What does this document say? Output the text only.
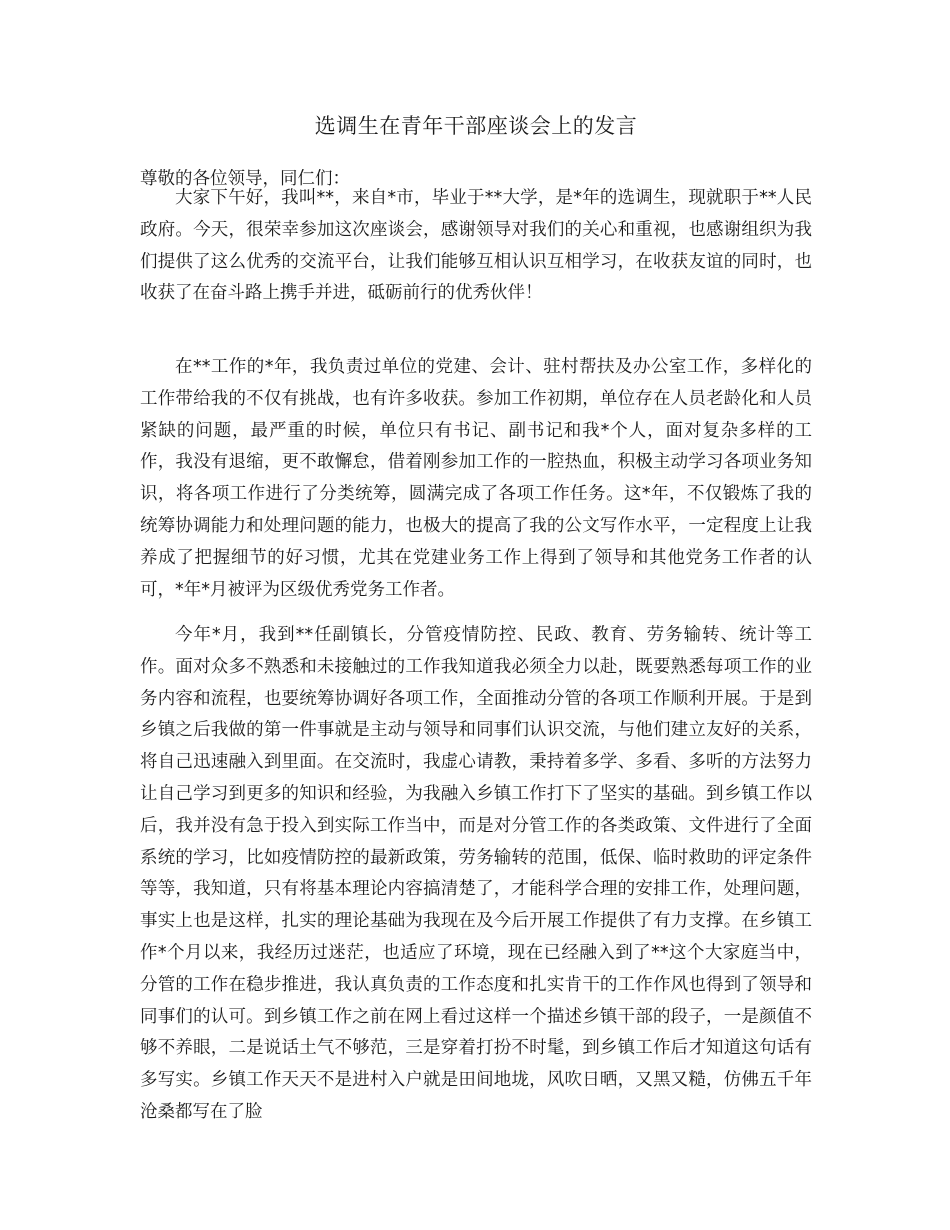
选调生在青年干部座谈会上的发言
尊敬的各位领导，同仁们：

大家下午好，我叫**，来自*市，毕业于**大学，是*年的选调生，现就职于**人民政府。今天，很荣幸参加这次座谈会，感谢领导对我们的关心和重视，也感谢组织为我们提供了这么优秀的交流平台，让我们能够互相认识互相学习，在收获友谊的同时，也收获了在奋斗路上携手并进，砥砺前行的优秀伙伴！

在**工作的*年，我负责过单位的党建、会计、驻村帮扶及办公室工作，多样化的工作带给我的不仅有挑战，也有许多收获。参加工作初期，单位存在人员老龄化和人员紧缺的问题，最严重的时候，单位只有书记、副书记和我*个人，面对复杂多样的工作，我没有退缩，更不敢懈怠，借着刚参加工作的一腔热血，积极主动学习各项业务知识，将各项工作进行了分类统筹，圆满完成了各项工作任务。这*年，不仅锻炼了我的统筹协调能力和处理问题的能力，也极大的提高了我的公文写作水平，一定程度上让我养成了把握细节的好习惯，尤其在党建业务工作上得到了领导和其他党务工作者的认可，*年*月被评为区级优秀党务工作者。

今年*月，我到**任副镇长，分管疫情防控、民政、教育、劳务输转、统计等工作。面对众多不熟悉和未接触过的工作我知道我必须全力以赴，既要熟悉每项工作的业务内容和流程，也要统筹协调好各项工作，全面推动分管的各项工作顺利开展。于是到乡镇之后我做的第一件事就是主动与领导和同事们认识交流，与他们建立友好的关系，将自己迅速融入到里面。在交流时，我虚心请教，秉持着多学、多看、多听的方法努力让自己学习到更多的知识和经验，为我融入乡镇工作打下了坚实的基础。到乡镇工作以后，我并没有急于投入到实际工作当中，而是对分管工作的各类政策、文件进行了全面系统的学习，比如疫情防控的最新政策，劳务输转的范围，低保、临时救助的评定条件等等，我知道，只有将基本理论内容搞清楚了，才能科学合理的安排工作，处理问题，事实上也是这样，扎实的理论基础为我现在及今后开展工作提供了有力支撑。在乡镇工作*个月以来，我经历过迷茫，也适应了环境，现在已经融入到了**这个大家庭当中，分管的工作在稳步推进，我认真负责的工作态度和扎实肯干的工作作风也得到了领导和同事们的认可。到乡镇工作之前在网上看过这样一个描述乡镇干部的段子，一是颜值不够不养眼，二是说话土气不够范，三是穿着打扮不时髦，到乡镇工作后才知道这句话有多写实。乡镇工作天天不是进村入户就是田间地垅，风吹日晒，又黑又糙，仿佛五千年沧桑都写在了脸
